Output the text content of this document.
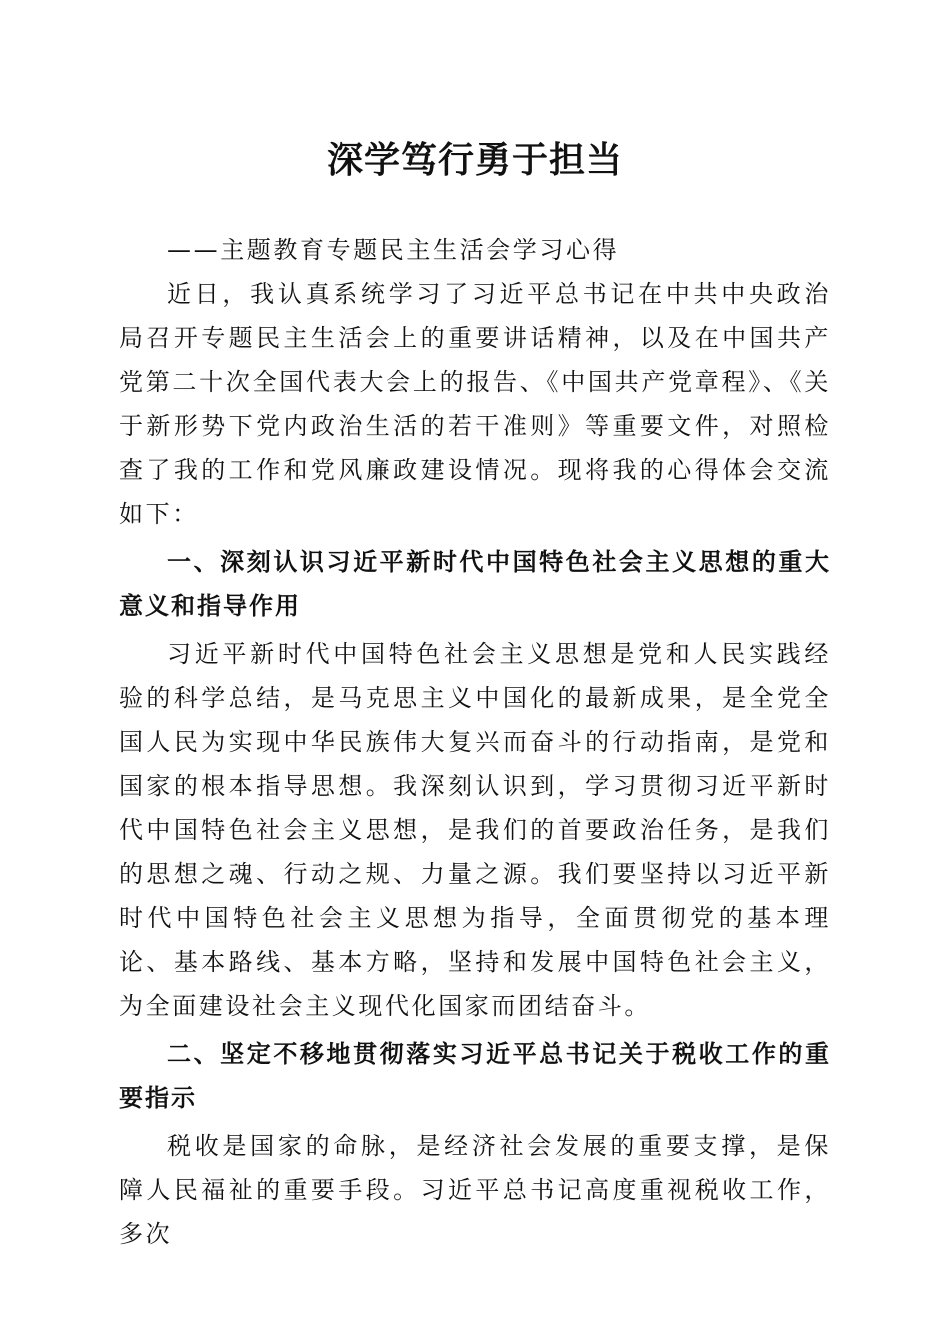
深学笃行勇于担当

——主题教育专题民主生活会学习心得

近日，我认真系统学习了习近平总书记在中共中央政治局召开专题民主生活会上的重要讲话精神，以及在中国共产党第二十次全国代表大会上的报告、《中国共产党章程》、《关于新形势下党内政治生活的若干准则》等重要文件，对照检查了我的工作和党风廉政建设情况。现将我的心得体会交流如下：

一、深刻认识习近平新时代中国特色社会主义思想的重大意义和指导作用

习近平新时代中国特色社会主义思想是党和人民实践经验的科学总结，是马克思主义中国化的最新成果，是全党全国人民为实现中华民族伟大复兴而奋斗的行动指南，是党和国家的根本指导思想。我深刻认识到，学习贯彻习近平新时代中国特色社会主义思想，是我们的首要政治任务，是我们的思想之魂、行动之规、力量之源。我们要坚持以习近平新时代中国特色社会主义思想为指导，全面贯彻党的基本理论、基本路线、基本方略，坚持和发展中国特色社会主义，为全面建设社会主义现代化国家而团结奋斗。

二、坚定不移地贯彻落实习近平总书记关于税收工作的重要指示

税收是国家的命脉，是经济社会发展的重要支撑，是保障人民福祉的重要手段。习近平总书记高度重视税收工作，多次
